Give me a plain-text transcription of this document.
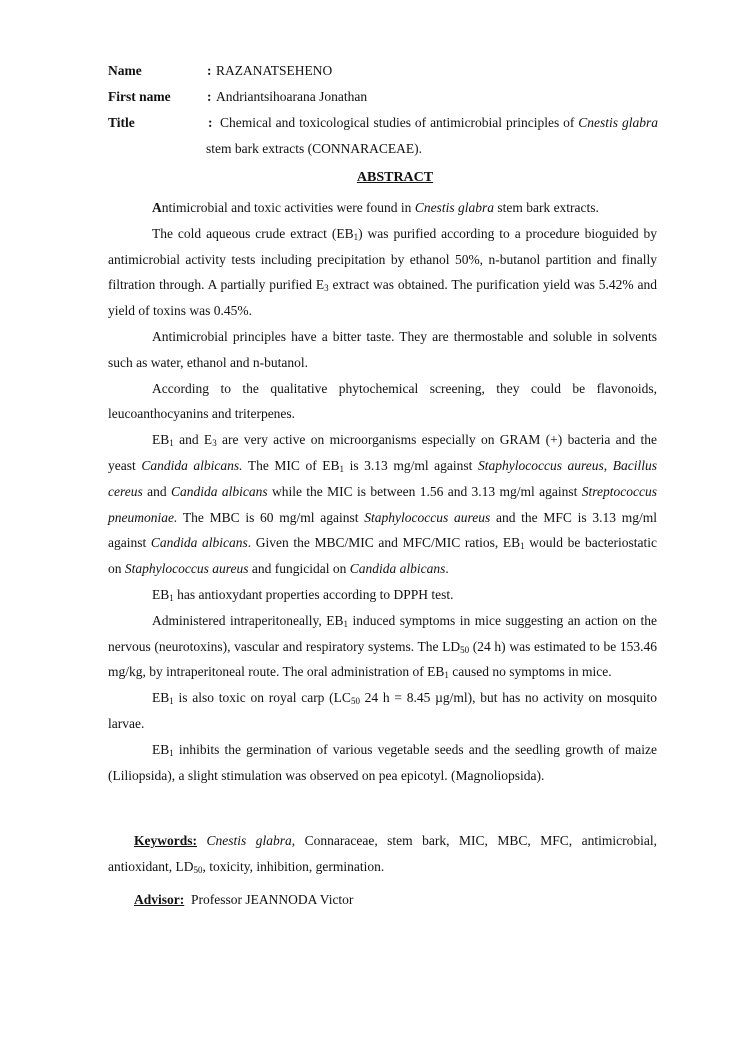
Name	: RAZANATSEHENO
First name	: Andriantsihoarana Jonathan
Title	: Chemical and toxicological studies of antimicrobial principles of Cnestis glabra stem bark extracts (CONNARACEAE).
ABSTRACT

Antimicrobial and toxic activities were found in Cnestis glabra stem bark extracts.

The cold aqueous crude extract $(EB_1)$ was purified according to a procedure bioguided by antimicrobial activity tests including precipitation by ethanol 50%, n-butanol partition and finally filtration through. A partially purified $E_3$ extract was obtained. The purification yield was 5.42% and yield of toxins was 0.45%.

Antimicrobial principles have a bitter taste. They are thermostable and soluble in solvents such as water, ethanol and n-butanol.

According to the qualitative phytochemical screening, they could be flavonoids, leucoanthocyanins and triterpenes.

$EB_1$ and $E_3$ are very active on microorganisms especially on GRAM (+) bacteria and the yeast Candida albicans. The MIC of $EB_1$ is 3.13 mg/ml against Staphylococcus aureus, Bacillus cereus and Candida albicans while the MIC is between 1.56 and 3.13 mg/ml against Streptococcus pneumoniae. The MBC is 60 mg/ml against Staphylococcus aureus and the MFC is 3.13 mg/ml against Candida albicans. Given the MBC/MIC and MFC/MIC ratios, $EB_1$ would be bacteriostatic on Staphylococcus aureus and fungicidal on Candida albicans.

$EB_1$ has antioxydant properties according to DPPH test.

Administered intraperitoneally, $EB_1$ induced symptoms in mice suggesting an action on the nervous (neurotoxins), vascular and respiratory systems. The $LD_{50}$ (24 h) was estimated to be 153.46 mg/kg, by intraperitoneal route. The oral administration of $EB_1$ caused no symptoms in mice.

$EB_1$ is also toxic on royal carp ($LC_{50}$ 24 h = 8.45 µg/ml), but has no activity on mosquito larvae.

$EB_1$ inhibits the germination of various vegetable seeds and the seedling growth of maize (Liliopsida), a slight stimulation was observed on pea epicotyl. (Magnoliopsida).

Keywords: Cnestis glabra, Connaraceae, stem bark, MIC, MBC, MFC, antimicrobial, antioxidant, $LD_{50}$, toxicity, inhibition, germination.

Advisor: Professor JEANNODA Victor
